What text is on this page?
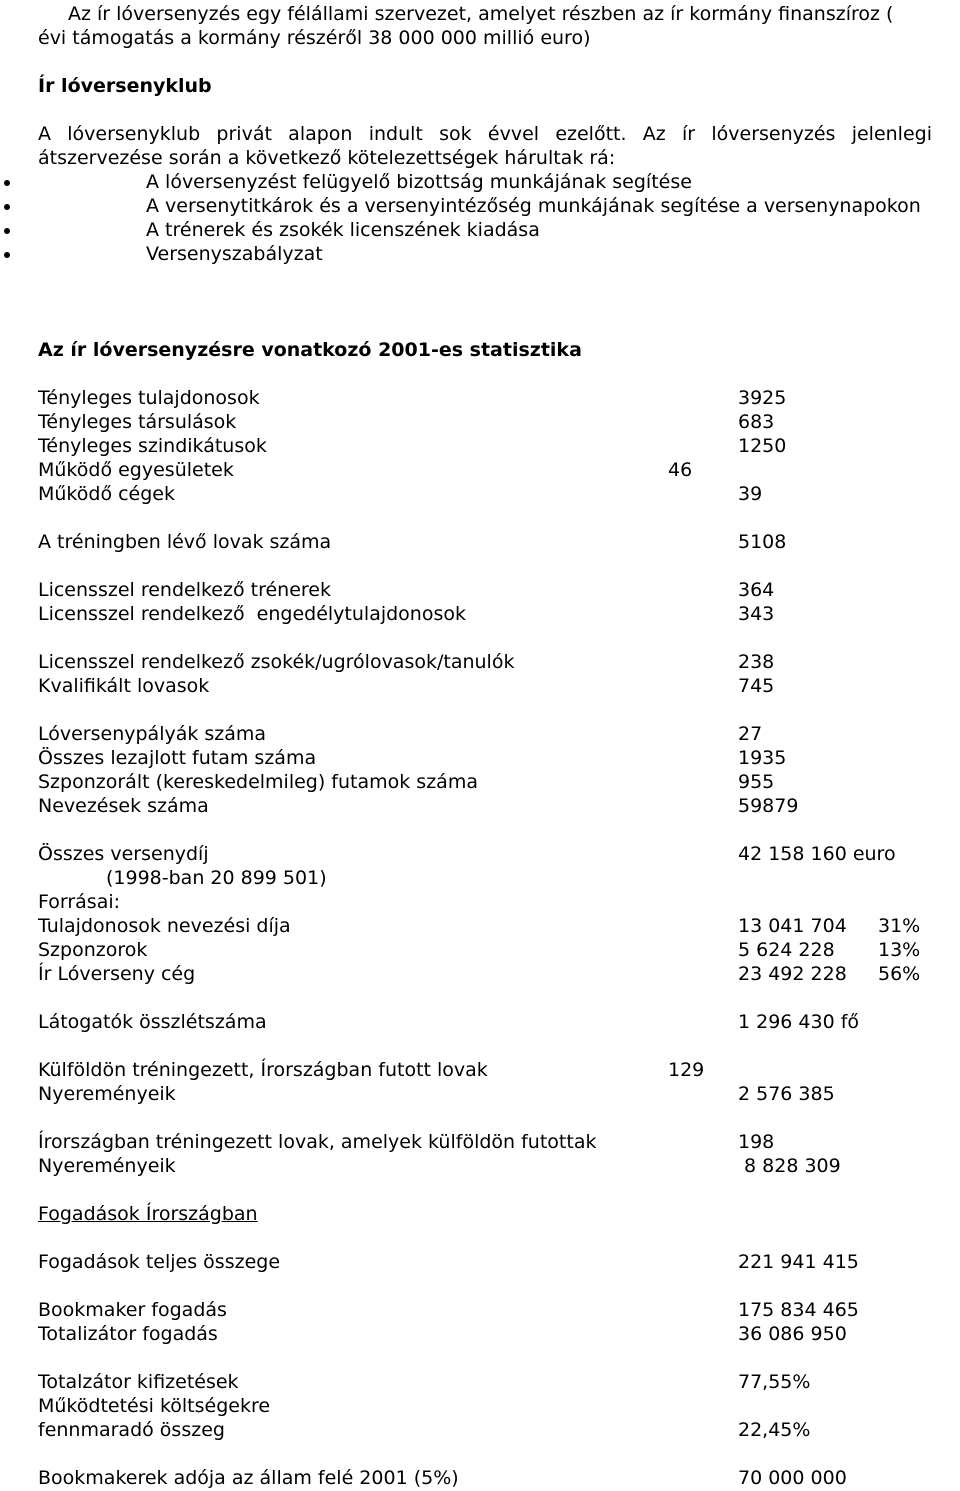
Az ír lóversenyzés egy félállami szervezet, amelyet részben az ír kormány finanszíroz (
évi támogatás a kormány részéről 38 000 000 millió euro)
Ír lóversenyklub
A lóversenyklub privát alapon indult sok évvel ezelőtt. Az ír lóversenyzés jelenlegi
átszervezése során a következő kötelezettségek hárultak rá:
A lóversenyzést felügyelő bizottság munkájának segítése
A versenytitkárok és a versenyintézőség munkájának segítése a versenynapokon
A trénerek és zsokék licenszének kiadása
Versenyszabályzat
Az ír lóversenyzésre vonatkozó 2001-es statisztika
Tényleges tulajdonosok	3925
Tényleges társulások	683
Tényleges szindikátusok	1250
Működő egyesületek	46
Működő cégek	39
A tréningben lévő lovak száma	5108
Licensszel rendelkező trénerek	364
Licensszel rendelkező  engedélytulajdonosok	343
Licensszel rendelkező zsokék/ugrólovasok/tanulók	238
Kvalifikált lovasok	745
Lóversenypályák száma	27
Összes lezajlott futam száma	1935
Szponzorált (kereskedelmileg) futamok száma	955
Nevezések száma	59879
Összes versenydíj	42 158 160 euro
(1998-ban 20 899 501)
Forrásai:
Tulajdonosok nevezési díja	13 041 704 31%
Szponzorok	5 624 228 13%
Ír Lóverseny cég	23 492 228 56%
Látogatók összlétszáma	1 296 430 fő
Külföldön tréningezett, Írországban futott lovak	129
Nyereményeik	2 576 385
Írországban tréningezett lovak, amelyek külföldön futottak	198
Nyereményeik	8 828 309
Fogadások Írországban
Fogadások teljes összege	221 941 415
Bookmaker fogadás	175 834 465
Totalizátor fogadás	36 086 950
Totalzátor kifizetések	77,55%
Működtetési költségekre
fennmaradó összeg	22,45%
Bookmakerek adója az állam felé 2001 (5%)	70 000 000
